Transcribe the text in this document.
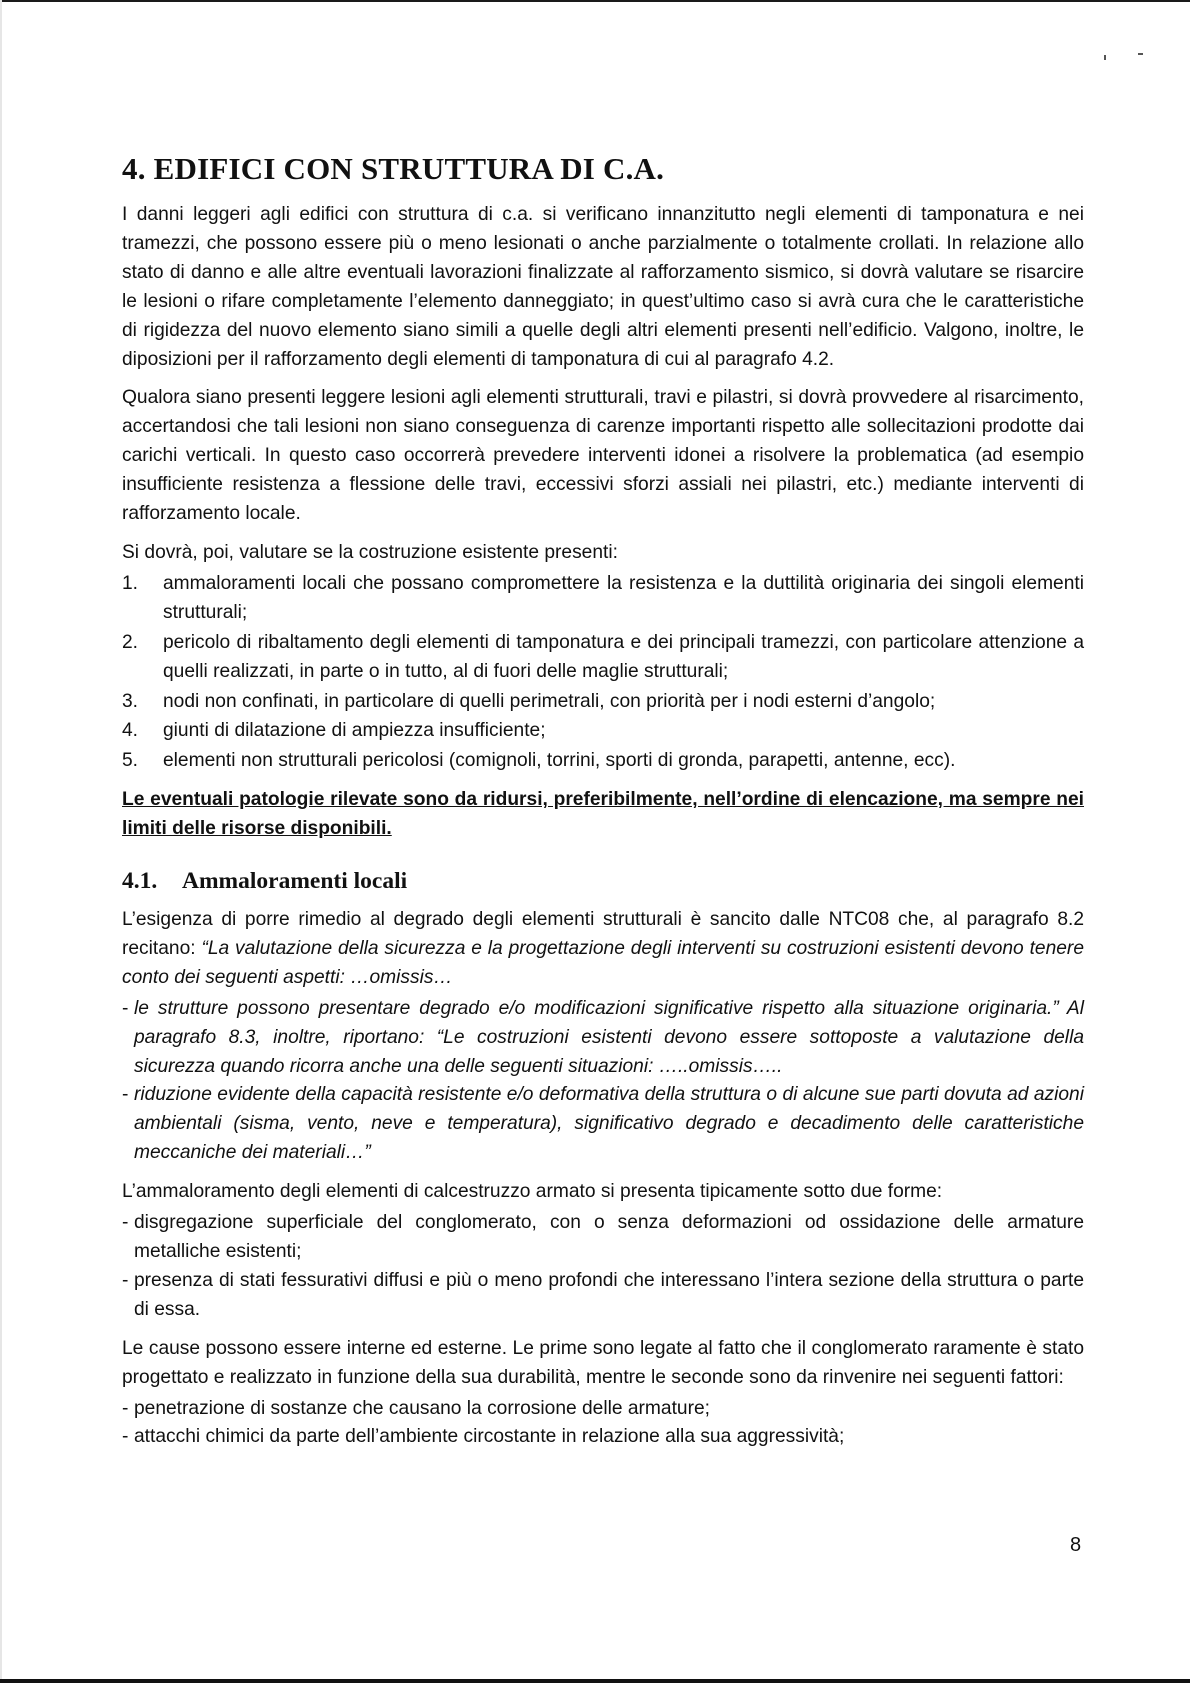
4. EDIFICI CON STRUTTURA DI C.A.

I danni leggeri agli edifici con struttura di c.a. si verificano innanzitutto negli elementi di tamponatura e nei tramezzi, che possono essere più o meno lesionati o anche parzialmente o totalmente crollati. In relazione allo stato di danno e alle altre eventuali lavorazioni finalizzate al rafforzamento sismico, si dovrà valutare se risarcire le lesioni o rifare completamente l’elemento danneggiato; in quest’ultimo caso si avrà cura che le caratteristiche di rigidezza del nuovo elemento siano simili a quelle degli altri elementi presenti nell’edificio. Valgono, inoltre, le diposizioni per il rafforzamento degli elementi di tamponatura di cui al paragrafo 4.2.

Qualora siano presenti leggere lesioni agli elementi strutturali, travi e pilastri, si dovrà provvedere al risarcimento, accertandosi che tali lesioni non siano conseguenza di carenze importanti rispetto alle sollecitazioni prodotte dai carichi verticali. In questo caso occorrerà prevedere interventi idonei a risolvere la problematica (ad esempio insufficiente resistenza a flessione delle travi, eccessivi sforzi assiali nei pilastri, etc.) mediante interventi di rafforzamento locale.

Si dovrà, poi, valutare se la costruzione esistente presenti:

1. ammaloramenti locali che possano compromettere la resistenza e la duttilità originaria dei singoli elementi strutturali;
2. pericolo di ribaltamento degli elementi di tamponatura e dei principali tramezzi, con particolare attenzione a quelli realizzati, in parte o in tutto, al di fuori delle maglie strutturali;
3. nodi non confinati, in particolare di quelli perimetrali, con priorità per i nodi esterni d’angolo;
4. giunti di dilatazione di ampiezza insufficiente;
5. elementi non strutturali pericolosi (comignoli, torrini, sporti di gronda, parapetti, antenne, ecc).

Le eventuali patologie rilevate sono da ridursi, preferibilmente, nell’ordine di elencazione, ma sempre nei limiti delle risorse disponibili.

4.1. Ammaloramenti locali

L’esigenza di porre rimedio al degrado degli elementi strutturali è sancito dalle NTC08 che, al paragrafo 8.2 recitano: “La valutazione della sicurezza e la progettazione degli interventi su costruzioni esistenti devono tenere conto dei seguenti aspetti: …omissis…

- le strutture possono presentare degrado e/o modificazioni significative rispetto alla situazione originaria.” Al paragrafo 8.3, inoltre, riportano: “Le costruzioni esistenti devono essere sottoposte a valutazione della sicurezza quando ricorra anche una delle seguenti situazioni: …..omissis…..
- riduzione evidente della capacità resistente e/o deformativa della struttura o di alcune sue parti dovuta ad azioni ambientali (sisma, vento, neve e temperatura), significativo degrado e decadimento delle caratteristiche meccaniche dei materiali…”

L’ammaloramento degli elementi di calcestruzzo armato si presenta tipicamente sotto due forme:

- disgregazione superficiale del conglomerato, con o senza deformazioni od ossidazione delle armature metalliche esistenti;
- presenza di stati fessurativi diffusi e più o meno profondi che interessano l’intera sezione della struttura o parte di essa.

Le cause possono essere interne ed esterne. Le prime sono legate al fatto che il conglomerato raramente è stato progettato e realizzato in funzione della sua durabilità, mentre le seconde sono da rinvenire nei seguenti fattori:

- penetrazione di sostanze che causano la corrosione delle armature;
- attacchi chimici da parte dell’ambiente circostante in relazione alla sua aggressività;
8
